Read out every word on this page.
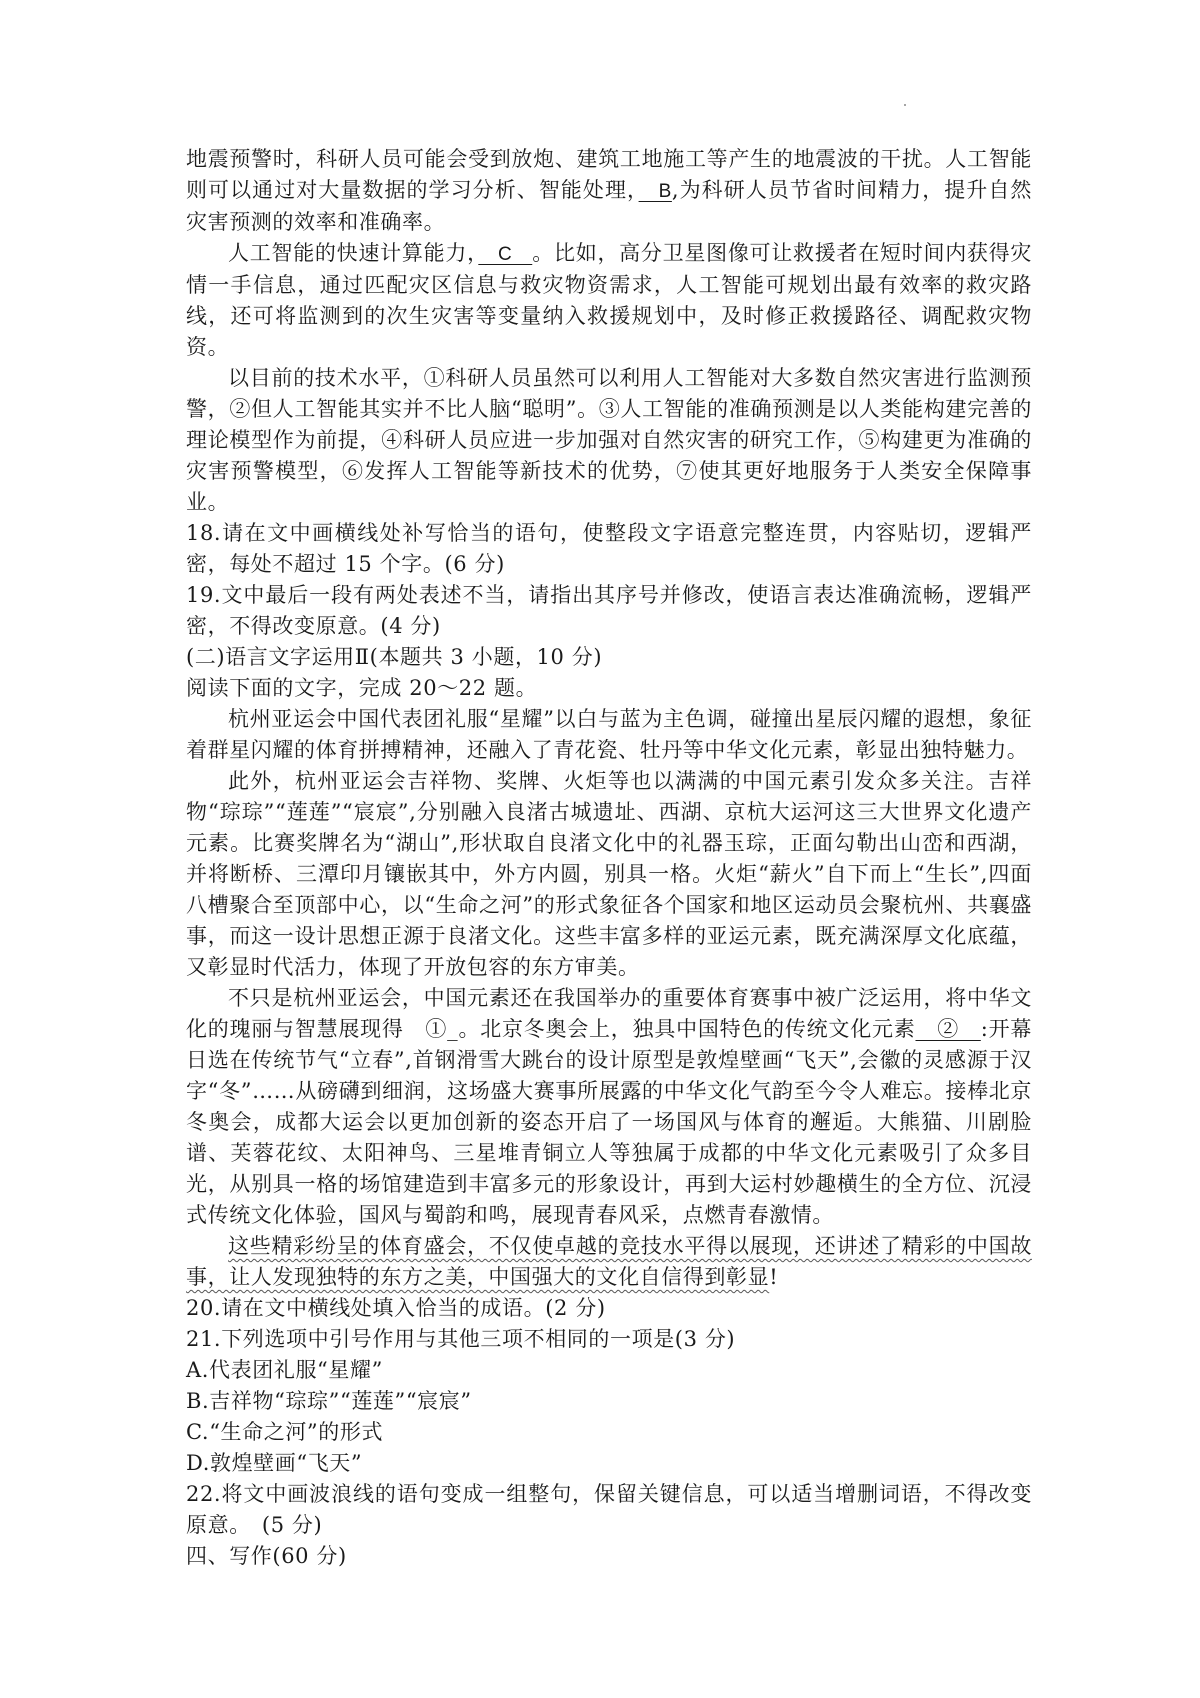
地震预警时，科研人员可能会受到放炮、建筑工地施工等产生的地震波的干扰。人工智能则可以通过对大量数据的学习分析、智能处理，　B,为科研人员节省时间精力，提升自然灾害预测的效率和准确率。

人工智能的快速计算能力，　C　。比如，高分卫星图像可让救援者在短时间内获得灾情一手信息，通过匹配灾区信息与救灾物资需求，人工智能可规划出最有效率的救灾路线，还可将监测到的次生灾害等变量纳入救援规划中，及时修正救援路径、调配救灾物资。

以目前的技术水平，①科研人员虽然可以利用人工智能对大多数自然灾害进行监测预警，②但人工智能其实并不比人脑“聪明”。③人工智能的准确预测是以人类能构建完善的理论模型作为前提，④科研人员应进一步加强对自然灾害的研究工作，⑤构建更为准确的灾害预警模型，⑥发挥人工智能等新技术的优势，⑦使其更好地服务于人类安全保障事业。

18.请在文中画横线处补写恰当的语句，使整段文字语意完整连贯，内容贴切，逻辑严密，每处不超过 15 个字。(6 分)

19.文中最后一段有两处表述不当，请指出其序号并修改，使语言表达准确流畅，逻辑严密，不得改变原意。(4 分)

(二)语言文字运用Ⅱ(本题共 3 小题，10 分)

阅读下面的文字，完成 20～22 题。

杭州亚运会中国代表团礼服“星耀”以白与蓝为主色调，碰撞出星辰闪耀的遐想，象征着群星闪耀的体育拼搏精神，还融入了青花瓷、牡丹等中华文化元素，彰显出独特魅力。

此外，杭州亚运会吉祥物、奖牌、火炬等也以满满的中国元素引发众多关注。吉祥物“琮琮”“莲莲”“宸宸”,分别融入良渚古城遗址、西湖、京杭大运河这三大世界文化遗产元素。比赛奖牌名为“湖山”,形状取自良渚文化中的礼器玉琮，正面勾勒出山峦和西湖，并将断桥、三潭印月镶嵌其中，外方内圆，别具一格。火炬“薪火”自下而上“生长”,四面八槽聚合至顶部中心，以“生命之河”的形式象征各个国家和地区运动员会聚杭州、共襄盛事，而这一设计思想正源于良渚文化。这些丰富多样的亚运元素，既充满深厚文化底蕴，又彰显时代活力，体现了开放包容的东方审美。

不只是杭州亚运会，中国元素还在我国举办的重要体育赛事中被广泛运用，将中华文化的瑰丽与智慧展现得　①_。北京冬奥会上，独具中国特色的传统文化元素　②　:开幕日选在传统节气“立春”,首钢滑雪大跳台的设计原型是敦煌壁画“飞天”,会徽的灵感源于汉字“冬”……从磅礴到细润，这场盛大赛事所展露的中华文化气韵至今令人难忘。接棒北京冬奥会，成都大运会以更加创新的姿态开启了一场国风与体育的邂逅。大熊猫、川剧脸谱、芙蓉花纹、太阳神鸟、三星堆青铜立人等独属于成都的中华文化元素吸引了众多目光，从别具一格的场馆建造到丰富多元的形象设计，再到大运村妙趣横生的全方位、沉浸式传统文化体验，国风与蜀韵和鸣，展现青春风采，点燃青春激情。

这些精彩纷呈的体育盛会，不仅使卓越的竞技水平得以展现，还讲述了精彩的中国故事，让人发现独特的东方之美，中国强大的文化自信得到彰显!

20.请在文中横线处填入恰当的成语。(2 分)

21.下列选项中引号作用与其他三项不相同的一项是(3 分)

A.代表团礼服“星耀”

B.吉祥物“琮琮”“莲莲”“宸宸”

C.“生命之河”的形式

D.敦煌壁画“飞天”

22.将文中画波浪线的语句变成一组整句，保留关键信息，可以适当增删词语，不得改变原意。　(5 分)

四、写作(60 分)
